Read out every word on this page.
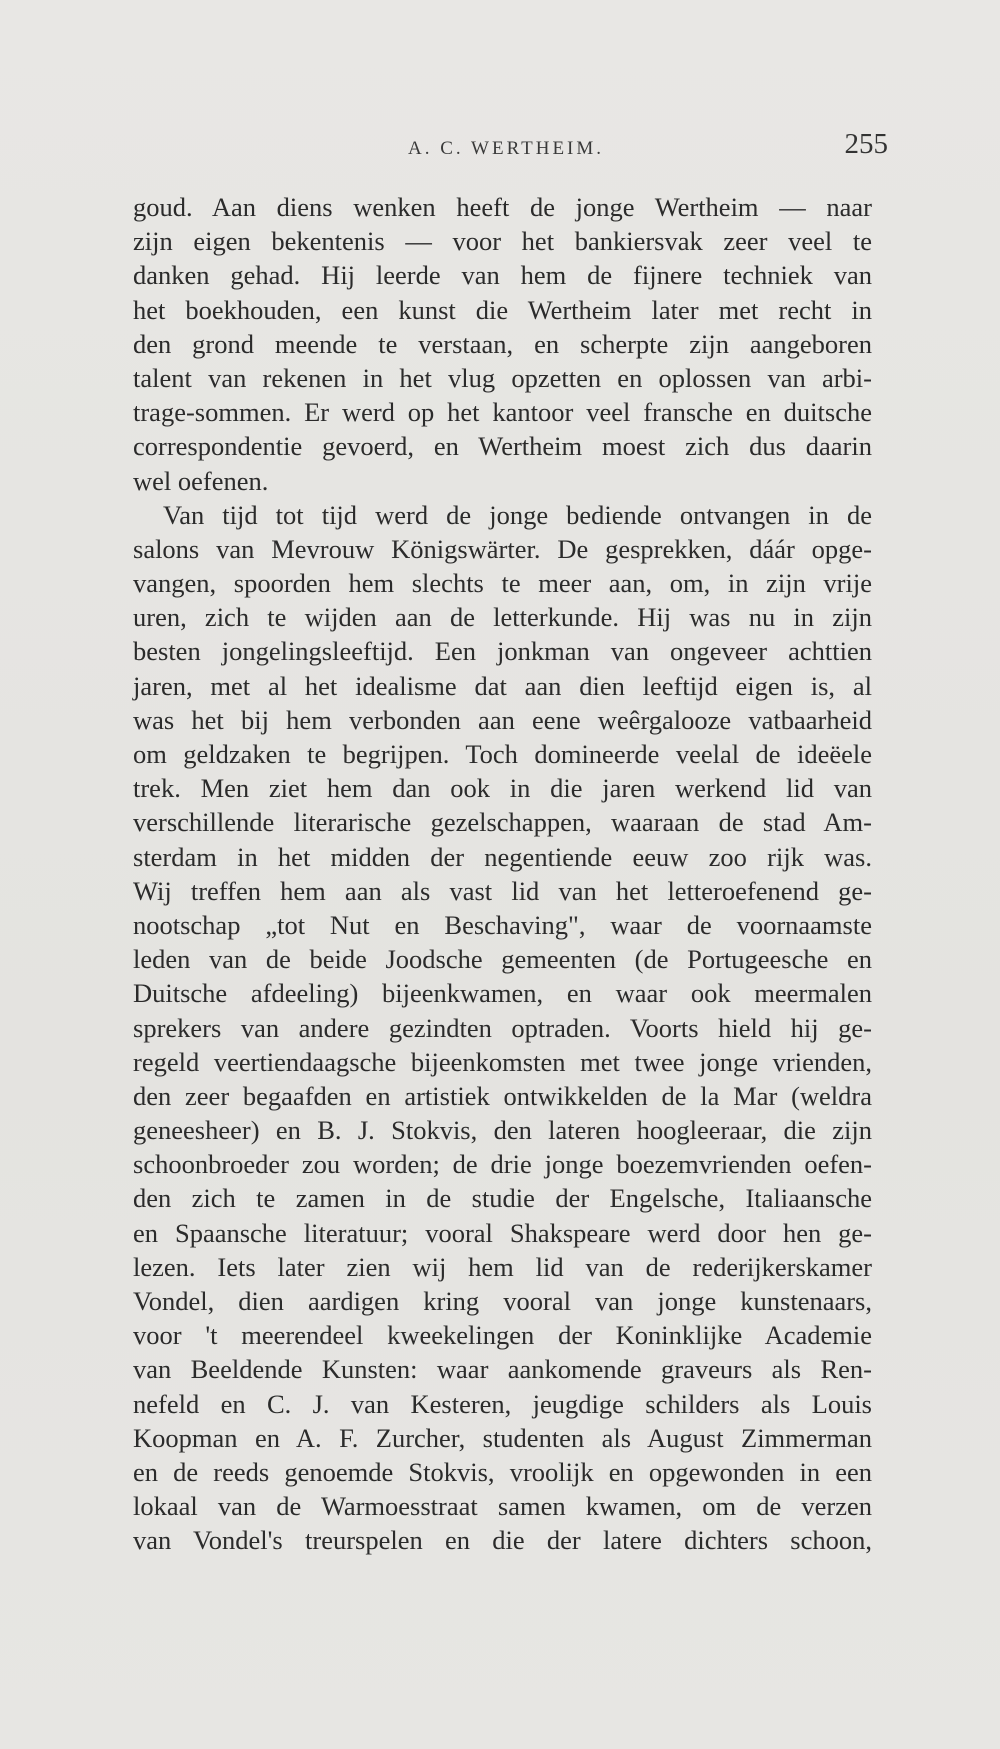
A. C. WERTHEIM.	255
goud. Aan diens wenken heeft de jonge Wertheim — naar
zijn eigen bekentenis — voor het bankiersvak zeer veel te
danken gehad. Hij leerde van hem de fijnere techniek van
het boekhouden, een kunst die Wertheim later met recht in
den grond meende te verstaan, en scherpte zijn aangeboren
talent van rekenen in het vlug opzetten en oplossen van arbi-
trage-sommen. Er werd op het kantoor veel fransche en duitsche
correspondentie gevoerd, en Wertheim moest zich dus daarin
wel oefenen.
Van tijd tot tijd werd de jonge bediende ontvangen in de
salons van Mevrouw Königswärter. De gesprekken, dáár opge-
vangen, spoorden hem slechts te meer aan, om, in zijn vrije
uren, zich te wijden aan de letterkunde. Hij was nu in zijn
besten jongelingsleeftijd. Een jonkman van ongeveer achttien
jaren, met al het idealisme dat aan dien leeftijd eigen is, al
was het bij hem verbonden aan eene weêrgalooze vatbaarheid
om geldzaken te begrijpen. Toch domineerde veelal de ideëele
trek. Men ziet hem dan ook in die jaren werkend lid van
verschillende literarische gezelschappen, waaraan de stad Am-
sterdam in het midden der negentiende eeuw zoo rijk was.
Wij treffen hem aan als vast lid van het letteroefenend ge-
nootschap „tot Nut en Beschaving", waar de voornaamste
leden van de beide Joodsche gemeenten (de Portugeesche en
Duitsche afdeeling) bijeenkwamen, en waar ook meermalen
sprekers van andere gezindten optraden. Voorts hield hij ge-
regeld veertiendaagsche bijeenkomsten met twee jonge vrienden,
den zeer begaafden en artistiek ontwikkelden de la Mar (weldra
geneesheer) en B. J. Stokvis, den lateren hoogleeraar, die zijn
schoonbroeder zou worden; de drie jonge boezemvrienden oefen-
den zich te zamen in de studie der Engelsche, Italiaansche
en Spaansche literatuur; vooral Shakspeare werd door hen ge-
lezen. Iets later zien wij hem lid van de rederijkerskamer
Vondel, dien aardigen kring vooral van jonge kunstenaars,
voor 't meerendeel kweekelingen der Koninklijke Academie
van Beeldende Kunsten: waar aankomende graveurs als Ren-
nefeld en C. J. van Kesteren, jeugdige schilders als Louis
Koopman en A. F. Zurcher, studenten als August Zimmerman
en de reeds genoemde Stokvis, vroolijk en opgewonden in een
lokaal van de Warmoesstraat samen kwamen, om de verzen
van Vondel's treurspelen en die der latere dichters schoon,
